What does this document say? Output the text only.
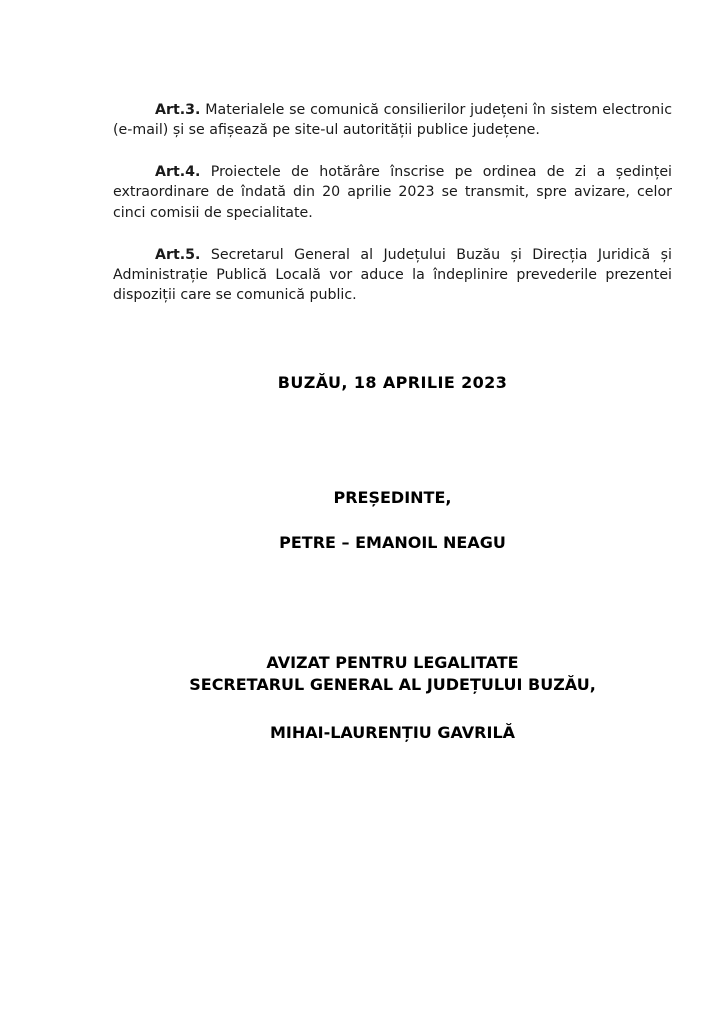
Art.3. Materialele se comunică consilierilor județeni în sistem electronic (e-mail) și se afișează pe site-ul autorității publice județene.

Art.4. Proiectele de hotărâre înscrise pe ordinea de zi a ședinței extraordinare de îndată din 20 aprilie 2023 se transmit, spre avizare, celor cinci comisii de specialitate.

Art.5. Secretarul General al Județului Buzău și Direcția Juridică și Administrație Publică Locală vor aduce la îndeplinire prevederile prezentei dispoziții care se comunică public.

BUZĂU, 18 APRILIE 2023
PREȘEDINTE,
PETRE – EMANOIL NEAGU
AVIZAT PENTRU LEGALITATE
SECRETARUL GENERAL AL JUDEȚULUI BUZĂU,
MIHAI-LAURENȚIU GAVRILĂ
